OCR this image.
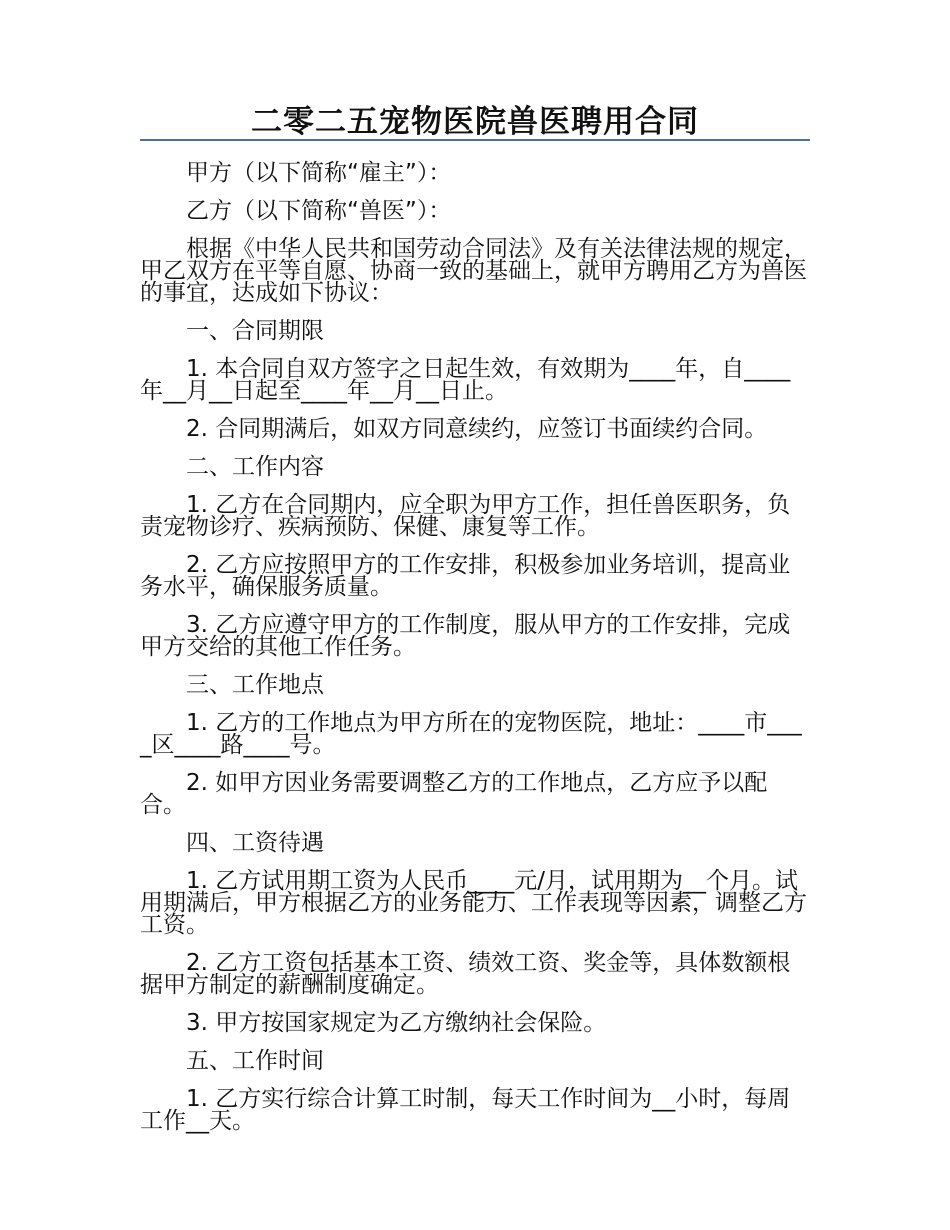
二零二五宠物医院兽医聘用合同

甲方（以下简称“雇主”）：

乙方（以下简称“兽医”）：

根据《中华人民共和国劳动合同法》及有关法律法规的规定，甲乙双方在平等自愿、协商一致的基础上，就甲方聘用乙方为兽医的事宜，达成如下协议：

一、合同期限

1. 本合同自双方签字之日起生效，有效期为____年，自____年__月__日起至____年__月__日止。

2. 合同期满后，如双方同意续约，应签订书面续约合同。

二、工作内容

1. 乙方在合同期内，应全职为甲方工作，担任兽医职务，负责宠物诊疗、疾病预防、保健、康复等工作。

2. 乙方应按照甲方的工作安排，积极参加业务培训，提高业务水平，确保服务质量。

3. 乙方应遵守甲方的工作制度，服从甲方的工作安排，完成甲方交给的其他工作任务。

三、工作地点

1. 乙方的工作地点为甲方所在的宠物医院，地址：____市____区____路____号。

2. 如甲方因业务需要调整乙方的工作地点，乙方应予以配合。

四、工资待遇

1. 乙方试用期工资为人民币____元/月，试用期为__个月。试用期满后，甲方根据乙方的业务能力、工作表现等因素，调整乙方工资。

2. 乙方工资包括基本工资、绩效工资、奖金等，具体数额根据甲方制定的薪酬制度确定。

3. 甲方按国家规定为乙方缴纳社会保险。

五、工作时间

1. 乙方实行综合计算工时制，每天工作时间为__小时，每周工作__天。
